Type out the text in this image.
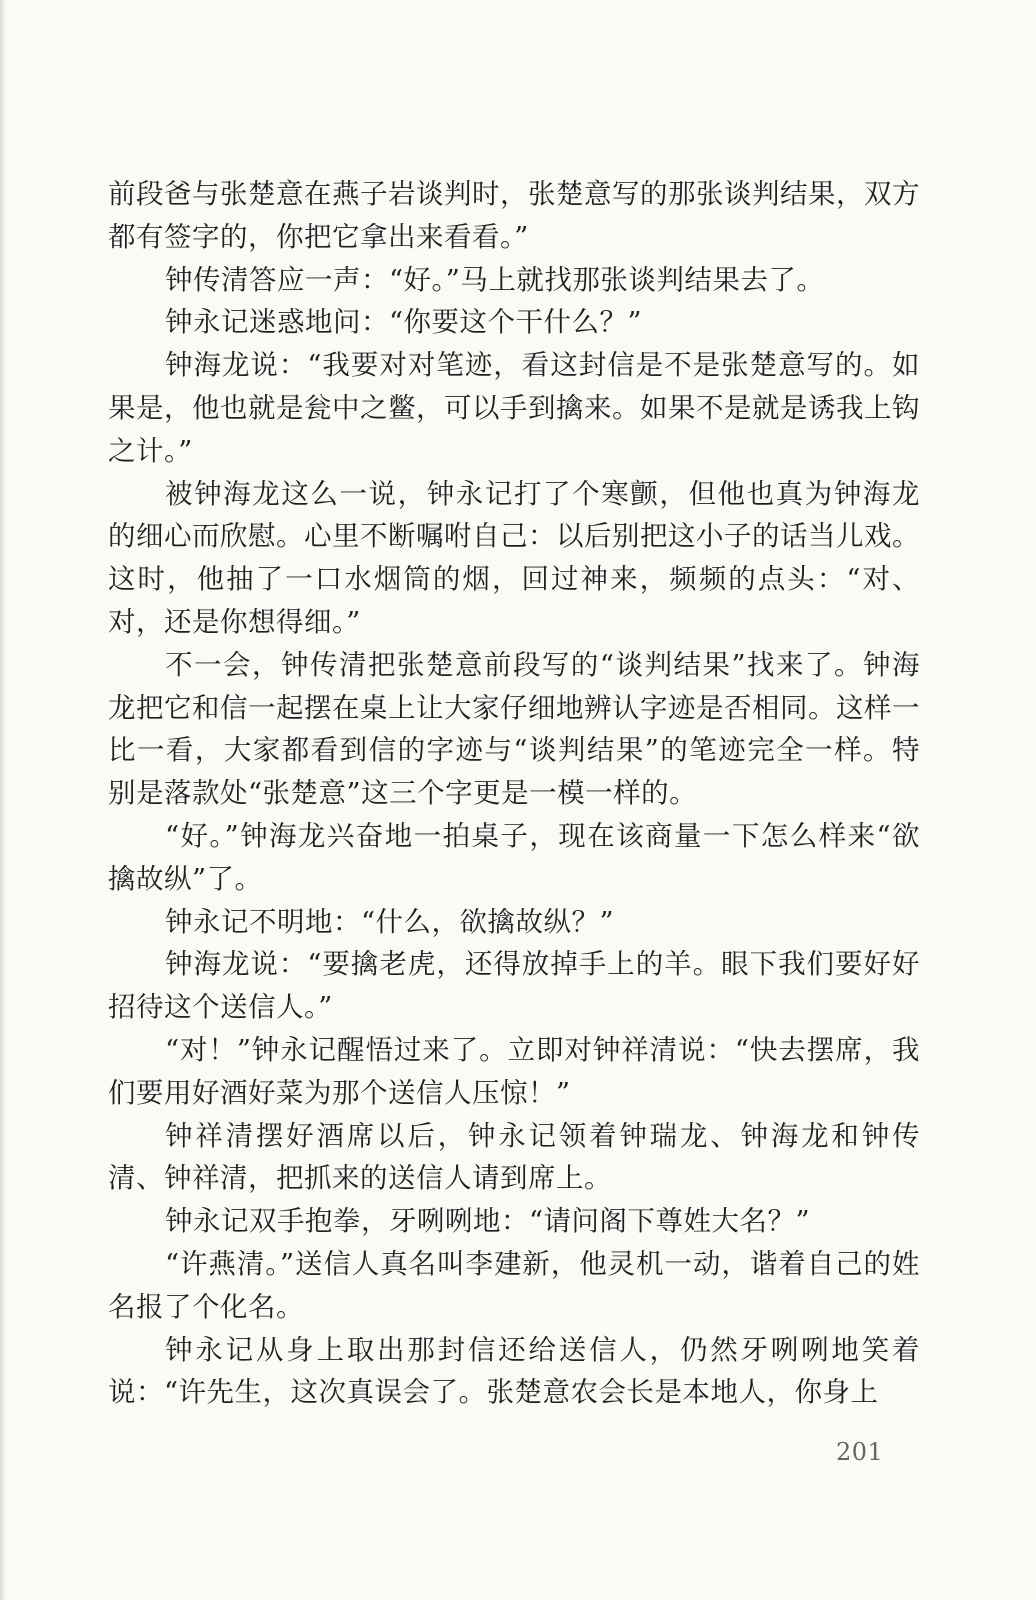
前段爸与张楚意在燕子岩谈判时，张楚意写的那张谈判结果，双方都有签字的，你把它拿出来看看。”

钟传清答应一声：“好。”马上就找那张谈判结果去了。

钟永记迷惑地问：“你要这个干什么？”

钟海龙说：“我要对对笔迹，看这封信是不是张楚意写的。如果是，他也就是瓮中之鳖，可以手到擒来。如果不是就是诱我上钩之计。”

被钟海龙这么一说，钟永记打了个寒颤，但他也真为钟海龙的细心而欣慰。心里不断嘱咐自己：以后别把这小子的话当儿戏。这时，他抽了一口水烟筒的烟，回过神来，频频的点头：“对、对，还是你想得细。”

不一会，钟传清把张楚意前段写的“谈判结果”找来了。钟海龙把它和信一起摆在桌上让大家仔细地辨认字迹是否相同。这样一比一看，大家都看到信的字迹与“谈判结果”的笔迹完全一样。特别是落款处“张楚意”这三个字更是一模一样的。

“好。”钟海龙兴奋地一拍桌子，现在该商量一下怎么样来“欲擒故纵”了。

钟永记不明地：“什么，欲擒故纵？”

钟海龙说：“要擒老虎，还得放掉手上的羊。眼下我们要好好招待这个送信人。”

“对！”钟永记醒悟过来了。立即对钟祥清说：“快去摆席，我们要用好酒好菜为那个送信人压惊！”

钟祥清摆好酒席以后，钟永记领着钟瑞龙、钟海龙和钟传清、钟祥清，把抓来的送信人请到席上。

钟永记双手抱拳，牙咧咧地：“请问阁下尊姓大名？”

“许燕清。”送信人真名叫李建新，他灵机一动，谐着自己的姓名报了个化名。

钟永记从身上取出那封信还给送信人，仍然牙咧咧地笑着说：“许先生，这次真误会了。张楚意农会长是本地人，你身上

201
